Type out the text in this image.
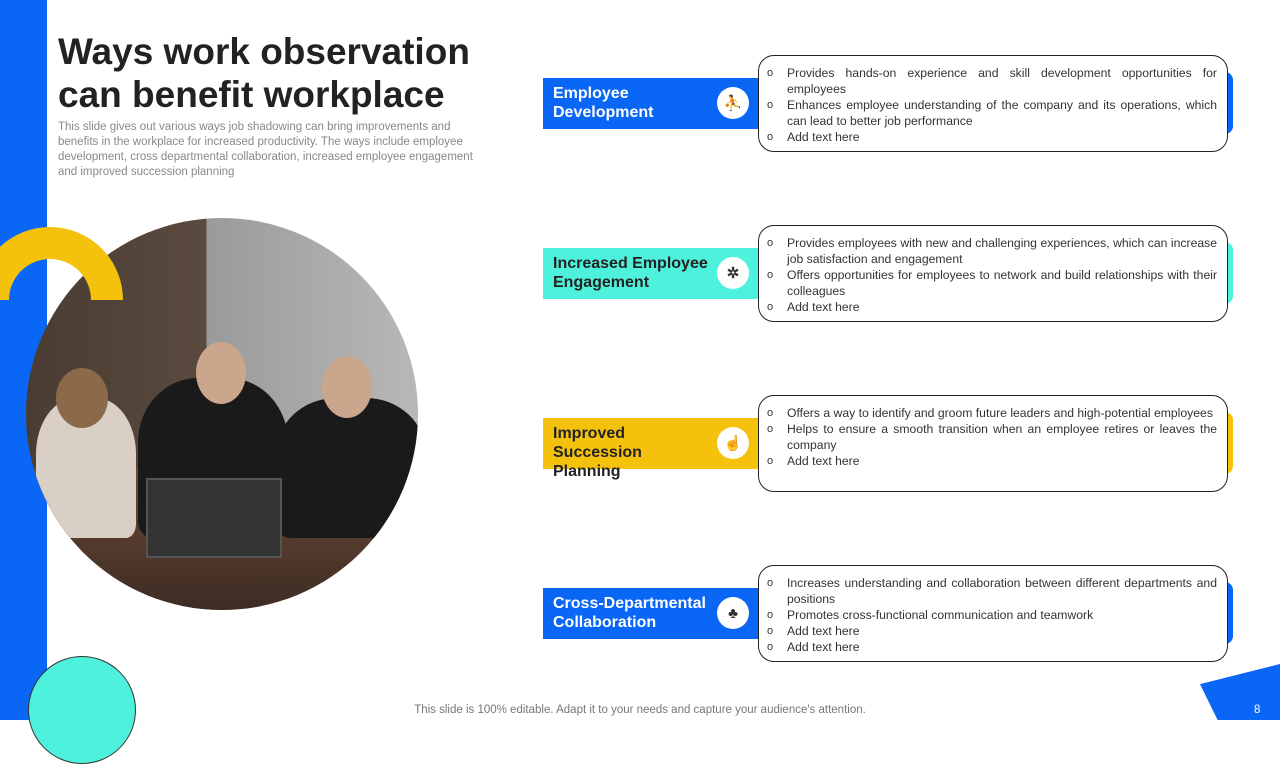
Ways work observation can benefit workplace
This slide gives out various ways job shadowing can bring improvements and benefits in the workplace for increased productivity. The ways include employee development, cross departmental collaboration, increased employee engagement and improved succession planning
Employee Development
⛹
o Provides hands-on experience and skill development opportunities for employees
o Enhances employee understanding of the company and its operations, which can lead to better job performance
o Add text here
Increased Employee Engagement
✲
o Provides employees with new and challenging experiences, which can increase job satisfaction and engagement
o Offers opportunities for employees to network and build relationships with their colleagues
o Add text here
Improved Succession Planning
☝
o Offers a way to identify and groom future leaders and high-potential employees
o Helps to ensure a smooth transition when an employee retires or leaves the company
o Add text here
Cross-Departmental Collaboration
♣
o Increases understanding and collaboration between different departments and positions
o Promotes cross-functional communication and teamwork
o Add text here
o Add text here
This slide is 100% editable. Adapt it to your needs and capture your audience's attention.	8
